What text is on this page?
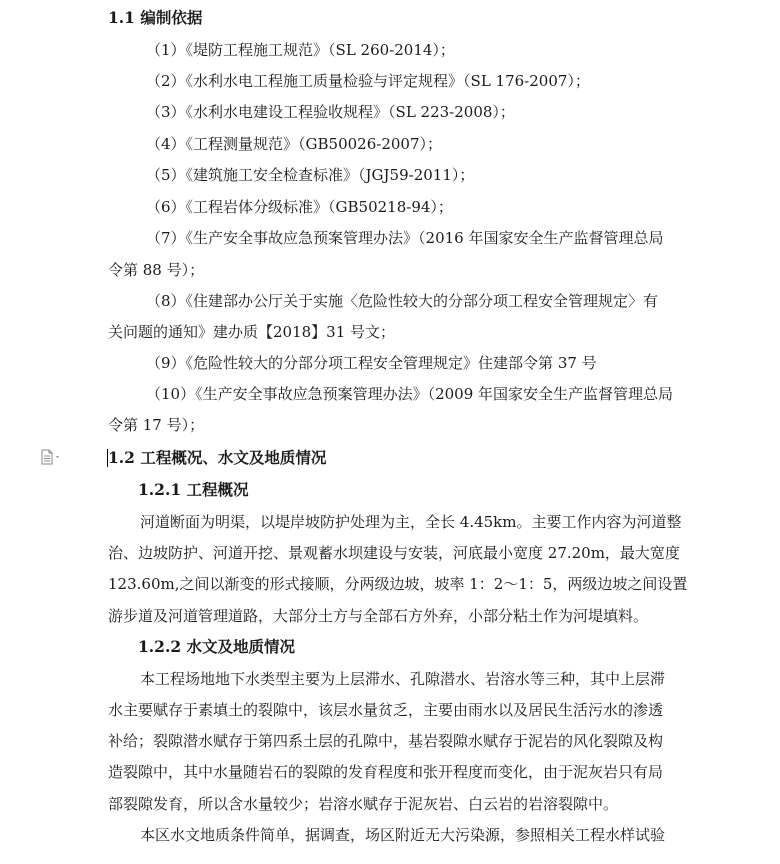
1.1 编制依据
（1）《堤防工程施工规范》（SL 260-2014）；
（2）《水利水电工程施工质量检验与评定规程》（SL 176-2007）；
（3）《水利水电建设工程验收规程》（SL 223-2008）；
（4）《工程测量规范》（GB50026-2007）；
（5）《建筑施工安全检查标准》（JGJ59-2011）；
（6）《工程岩体分级标准》（GB50218-94）；
（7）《生产安全事故应急预案管理办法》（2016 年国家安全生产监督管理总局
令第 88 号）；
（8）《住建部办公厅关于实施〈危险性较大的分部分项工程安全管理规定〉有
关问题的通知》建办质【2018】31 号文；
（9）《危险性较大的分部分项工程安全管理规定》住建部令第 37 号
（10）《生产安全事故应急预案管理办法》（2009 年国家安全生产监督管理总局
令第 17 号）；
1.2 工程概况、水文及地质情况
1.2.1 工程概况
河道断面为明渠，以堤岸坡防护处理为主，全长 4.45km。主要工作内容为河道整
治、边坡防护、河道开挖、景观蓄水坝建设与安装，河底最小宽度 27.20m，最大宽度
123.60m,之间以渐变的形式接顺，分两级边坡，坡率 1：2～1：5，两级边坡之间设置
游步道及河道管理道路，大部分土方与全部石方外弃，小部分粘土作为河堤填料。
1.2.2 水文及地质情况
本工程场地地下水类型主要为上层滞水、孔隙潜水、岩溶水等三种，其中上层滞
水主要赋存于素填土的裂隙中，该层水量贫乏，主要由雨水以及居民生活污水的渗透
补给；裂隙潜水赋存于第四系土层的孔隙中，基岩裂隙水赋存于泥岩的风化裂隙及构
造裂隙中，其中水量随岩石的裂隙的发育程度和张开程度而变化，由于泥灰岩只有局
部裂隙发育，所以含水量较少；岩溶水赋存于泥灰岩、白云岩的岩溶裂隙中。
本区水文地质条件简单，据调查，场区附近无大污染源，参照相关工程水样试验
